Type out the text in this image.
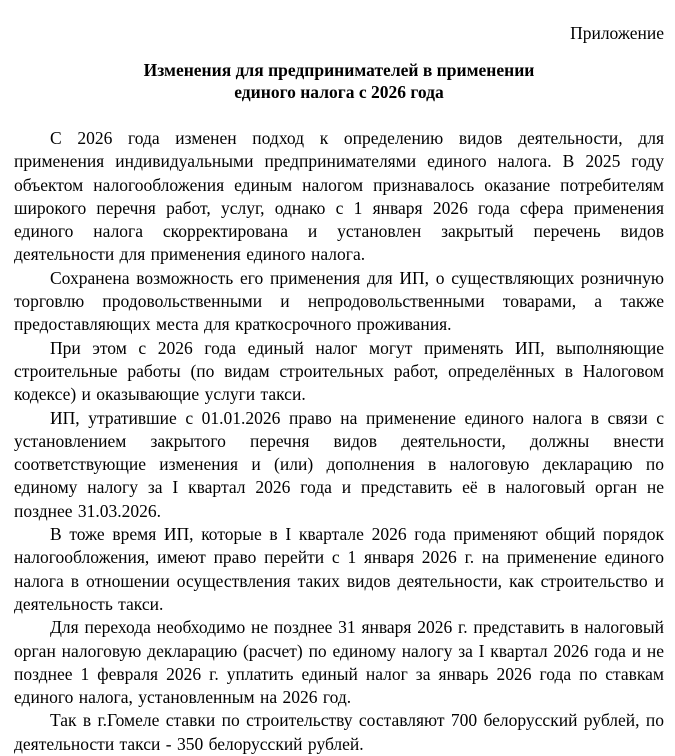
Приложение
Изменения для предпринимателей в применении
единого налога с 2026 года

С 2026 года изменен подход к определению видов деятельности, для применения индивидуальными предпринимателями единого налога. В 2025 году объектом налогообложения единым налогом признавалось оказание потребителям широкого перечня работ, услуг, однако с 1 января 2026 года сфера применения единого налога скорректирована и установлен закрытый перечень видов деятельности для применения единого налога.

Сохранена возможность его применения для ИП, о существляющих розничную торговлю продовольственными и непродовольственными товарами, а также предоставляющих места для краткосрочного проживания.

При этом с 2026 года единый налог могут применять ИП, выполняющие строительные работы (по видам строительных работ, определённых в Налоговом кодексе) и оказывающие услуги такси.

ИП, утратившие с 01.01.2026 право на применение единого налога в связи с установлением закрытого перечня видов деятельности, должны внести соответствующие изменения и (или) дополнения в налоговую декларацию по единому налогу за I квартал 2026 года и представить её в налоговый орган не позднее 31.03.2026.

В тоже время ИП, которые в I квартале 2026 года применяют общий порядок налогообложения, имеют право перейти с 1 января 2026 г. на применение единого налога в отношении осуществления таких видов деятельности, как строительство и деятельность такси.

Для перехода необходимо не позднее 31 января 2026 г. представить в налоговый орган налоговую декларацию (расчет) по единому налогу за I квартал 2026 года и не позднее 1 февраля 2026 г. уплатить единый налог за январь 2026 года по ставкам единого налога, установленным на 2026 год.

Так в г.Гомеле ставки по строительству составляют 700 белорусский рублей, по деятельности такси - 350 белорусский рублей.
